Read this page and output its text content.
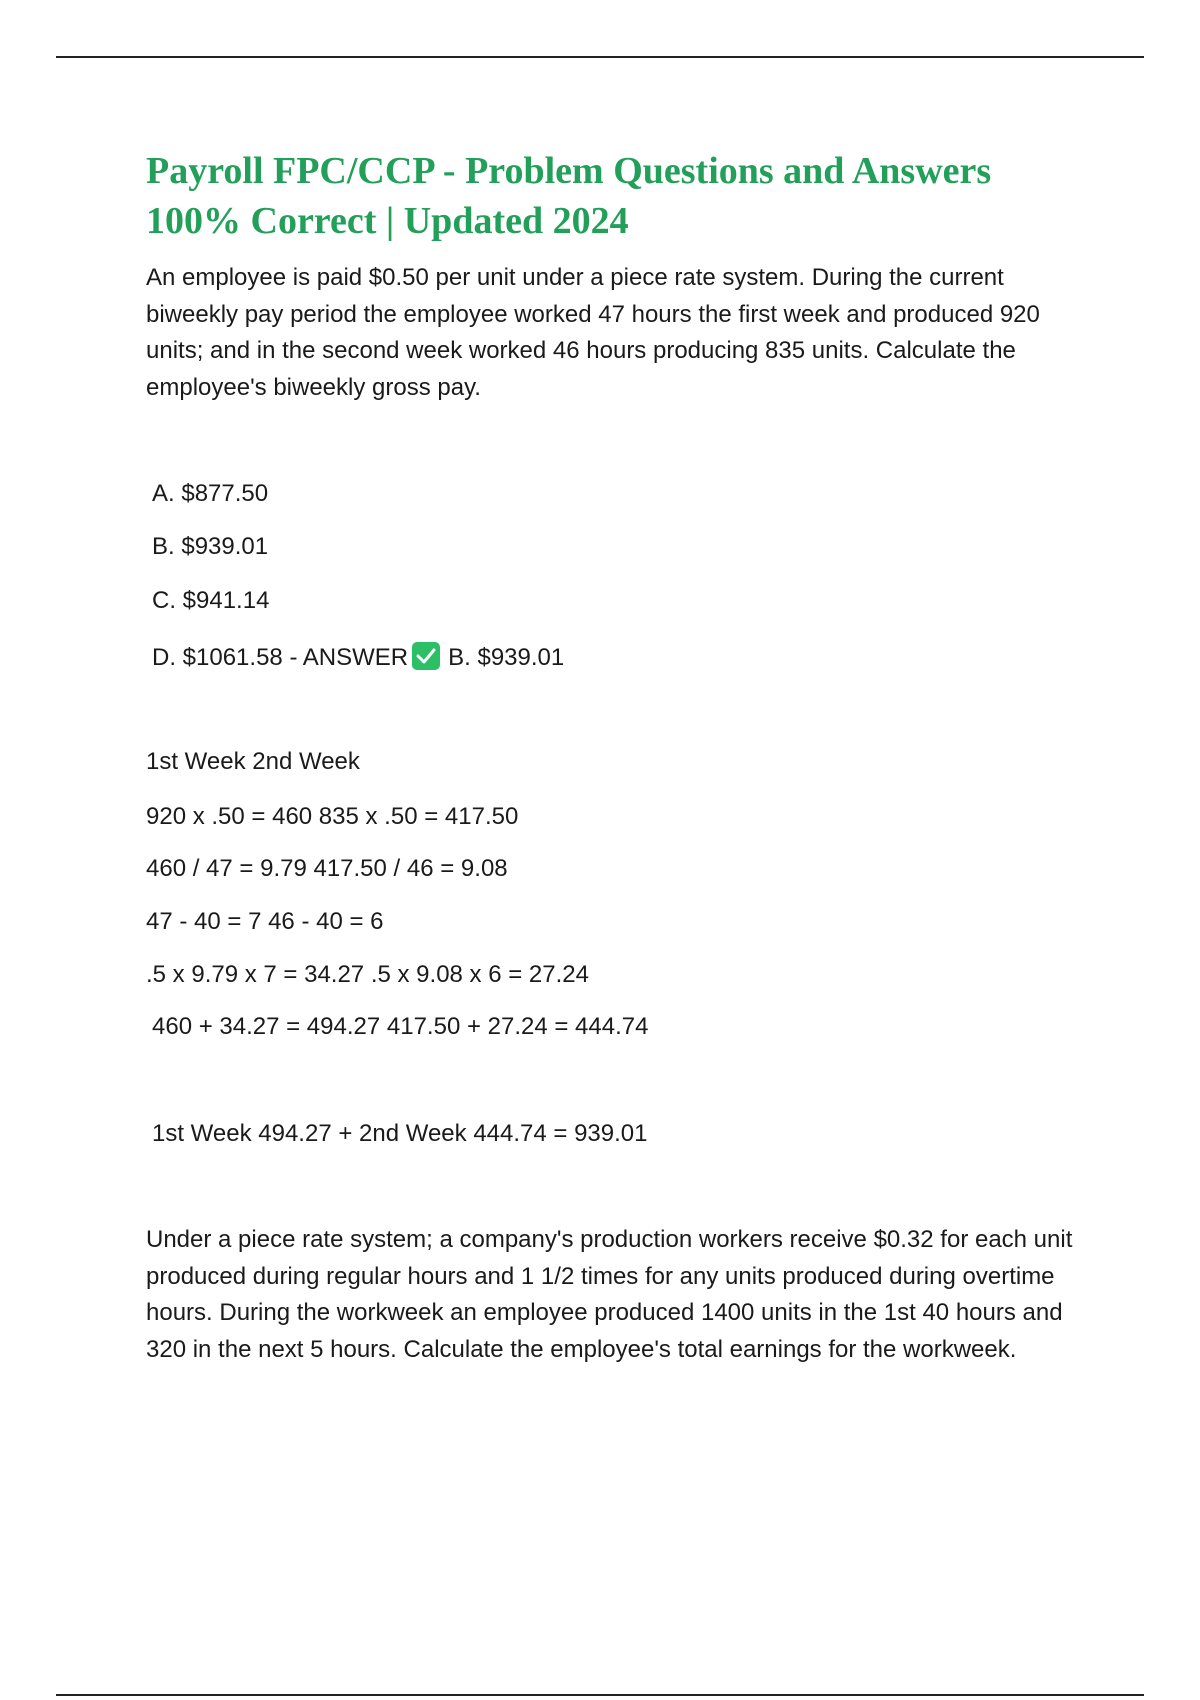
Payroll FPC/CCP - Problem Questions and Answers
100% Correct | Updated 2024

An employee is paid $0.50 per unit under a piece rate system. During the current biweekly pay period the employee worked 47 hours the first week and produced 920 units; and in the second week worked 46 hours producing 835 units. Calculate the employee's biweekly gross pay.

A. $877.50

B. $939.01

C. $941.14

D. $1061.58 - ANSWER B. $939.01

1st Week 2nd Week

920 x .50 = 460 835 x .50 = 417.50

460 / 47 = 9.79 417.50 / 46 = 9.08

47 - 40 = 7 46 - 40 = 6

.5 x 9.79 x 7 = 34.27 .5 x 9.08 x 6 = 27.24

460 + 34.27 = 494.27 417.50 + 27.24 = 444.74

1st Week 494.27 + 2nd Week 444.74 = 939.01

Under a piece rate system; a company's production workers receive $0.32 for each unit produced during regular hours and 1 1/2 times for any units produced during overtime hours. During the workweek an employee produced 1400 units in the 1st 40 hours and 320 in the next 5 hours. Calculate the employee's total earnings for the workweek.
